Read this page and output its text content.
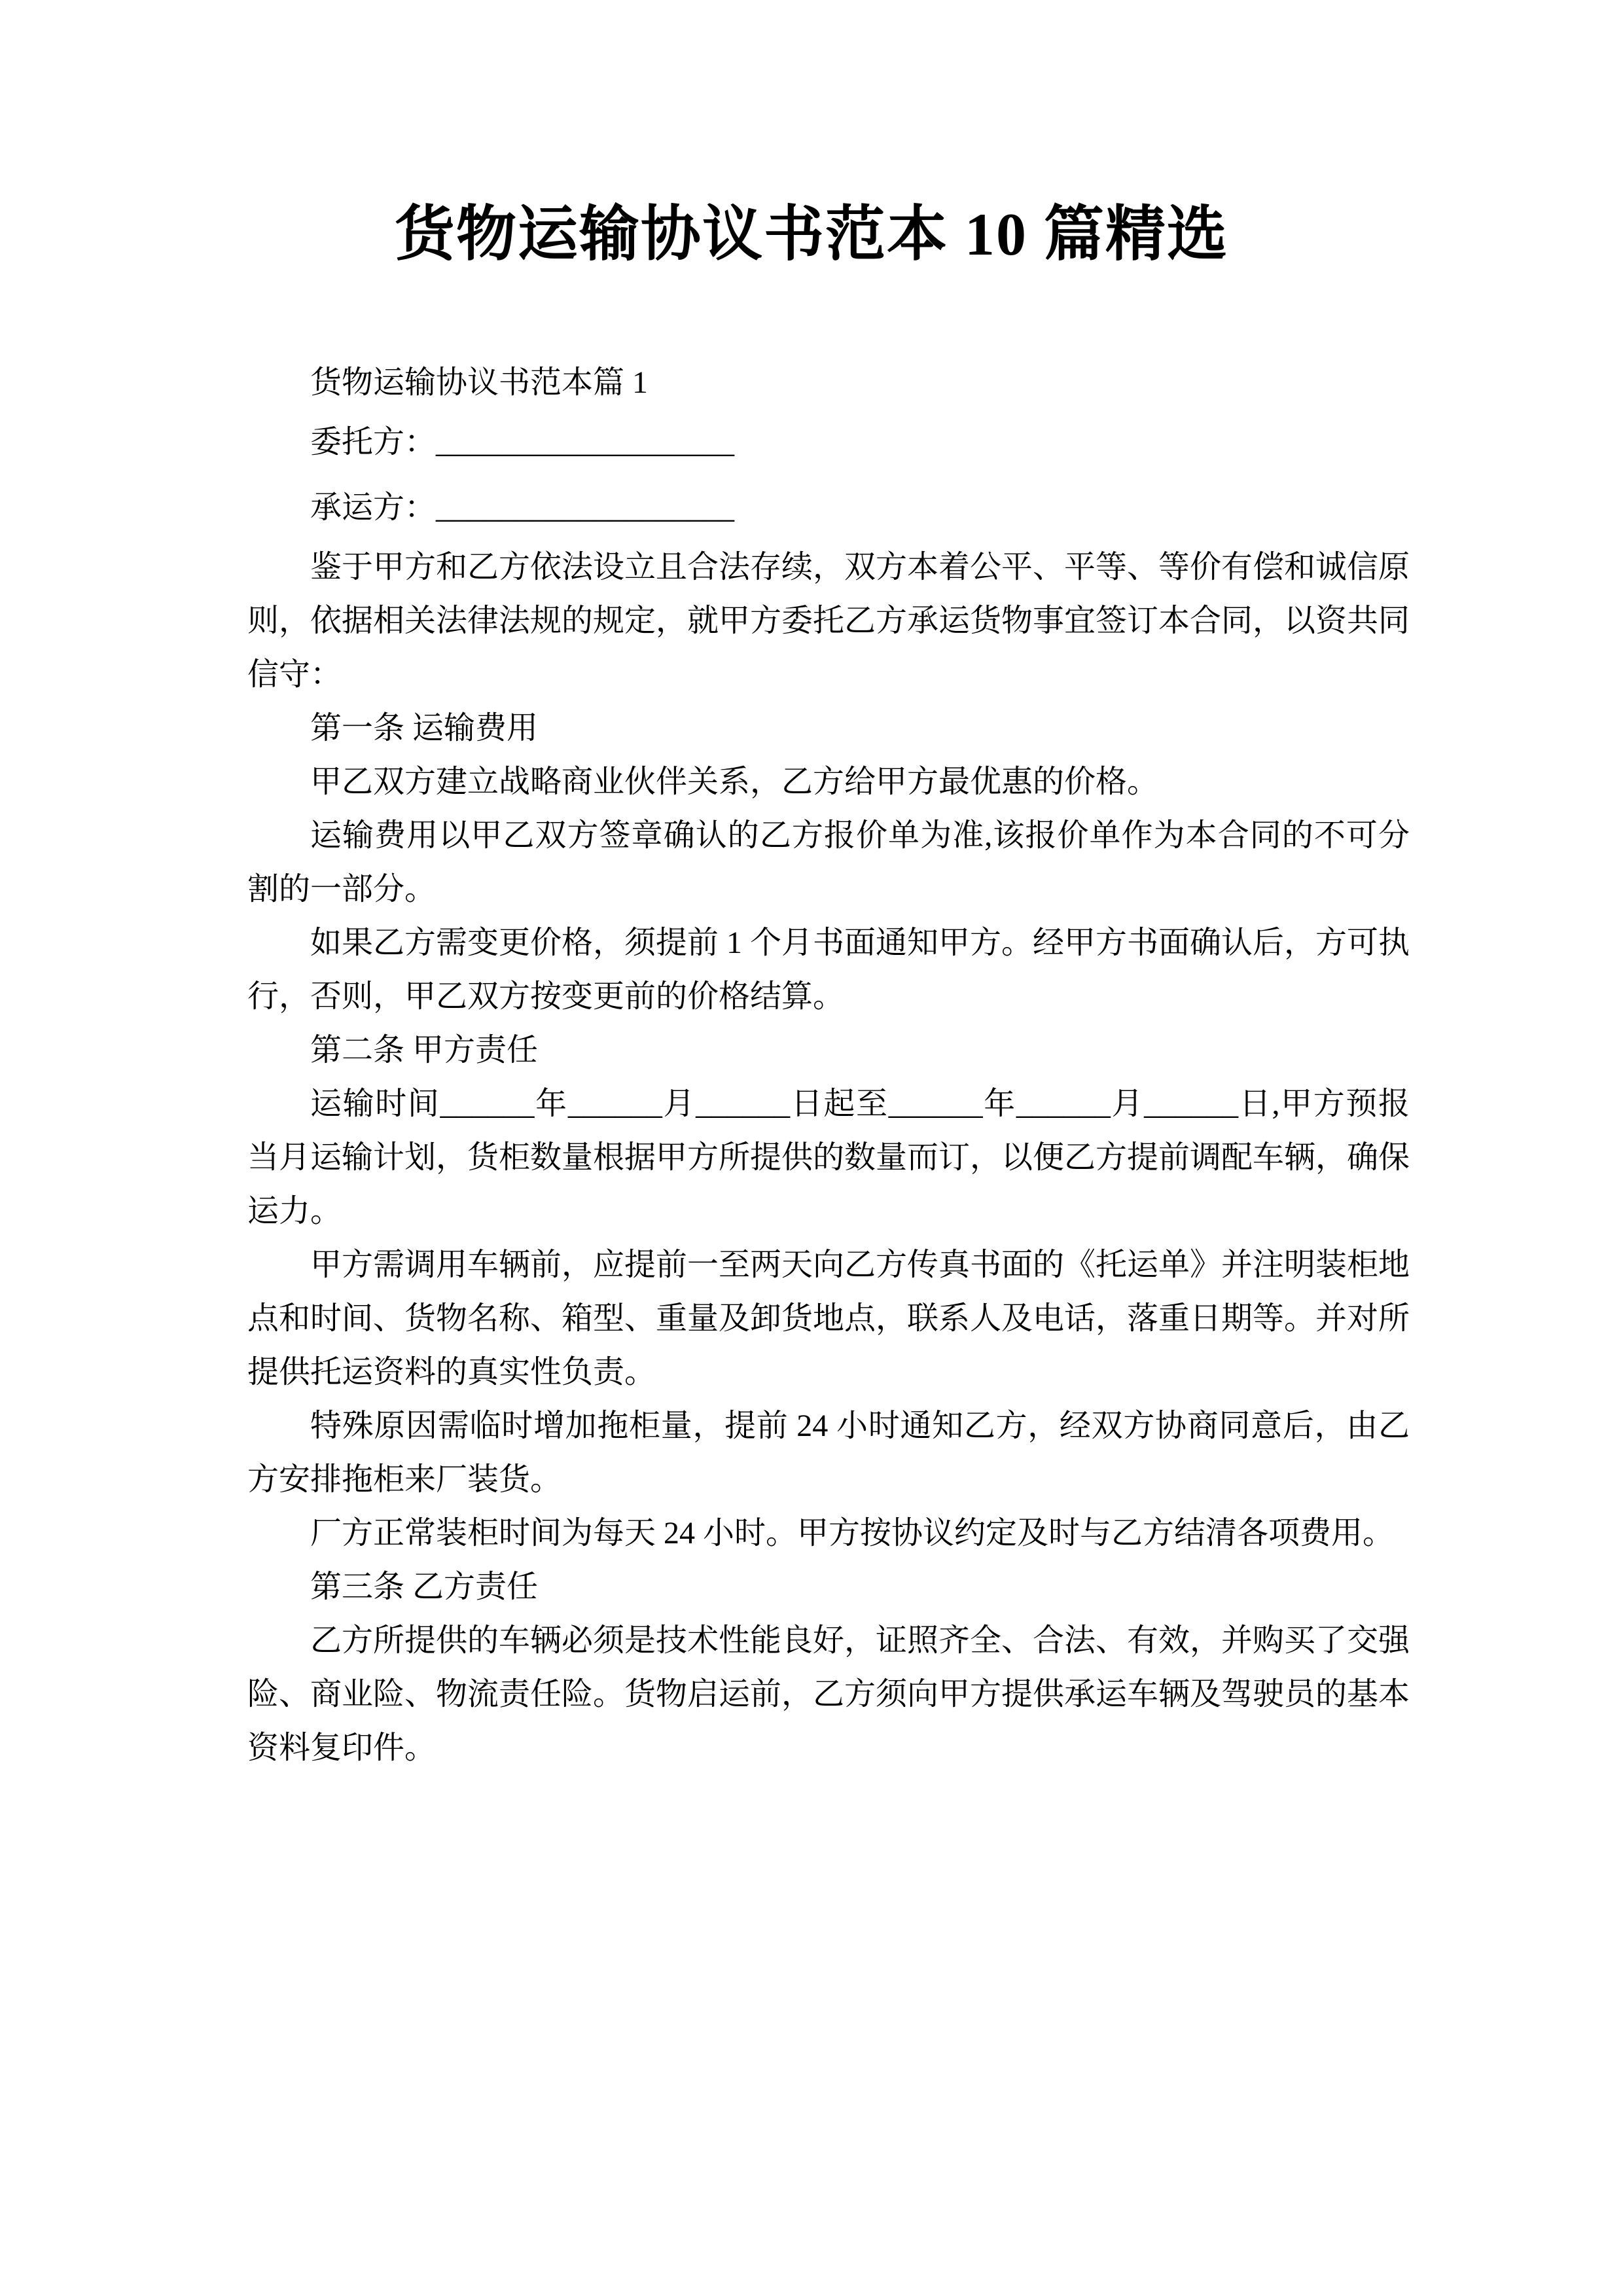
货物运输协议书范本 10 篇精选

货物运输协议书范本篇 1

委托方：___________________

承运方：___________________

鉴于甲方和乙方依法设立且合法存续，双方本着公平、平等、等价有偿和诚信原则，依据相关法律法规的规定，就甲方委托乙方承运货物事宜签订本合同，以资共同信守：

第一条 运输费用

甲乙双方建立战略商业伙伴关系，乙方给甲方最优惠的价格。

运输费用以甲乙双方签章确认的乙方报价单为准,该报价单作为本合同的不可分割的一部分。

如果乙方需变更价格，须提前 1 个月书面通知甲方。经甲方书面确认后，方可执行，否则，甲乙双方按变更前的价格结算。

第二条 甲方责任

运输时间______年______月______日起至______年______月______日,甲方预报当月运输计划，货柜数量根据甲方所提供的数量而订，以便乙方提前调配车辆，确保运力。

甲方需调用车辆前，应提前一至两天向乙方传真书面的《托运单》并注明装柜地点和时间、货物名称、箱型、重量及卸货地点，联系人及电话，落重日期等。并对所提供托运资料的真实性负责。

特殊原因需临时增加拖柜量，提前 24 小时通知乙方，经双方协商同意后，由乙方安排拖柜来厂装货。

厂方正常装柜时间为每天 24 小时。甲方按协议约定及时与乙方结清各项费用。

第三条 乙方责任

乙方所提供的车辆必须是技术性能良好，证照齐全、合法、有效，并购买了交强险、商业险、物流责任险。货物启运前，乙方须向甲方提供承运车辆及驾驶员的基本资料复印件。
